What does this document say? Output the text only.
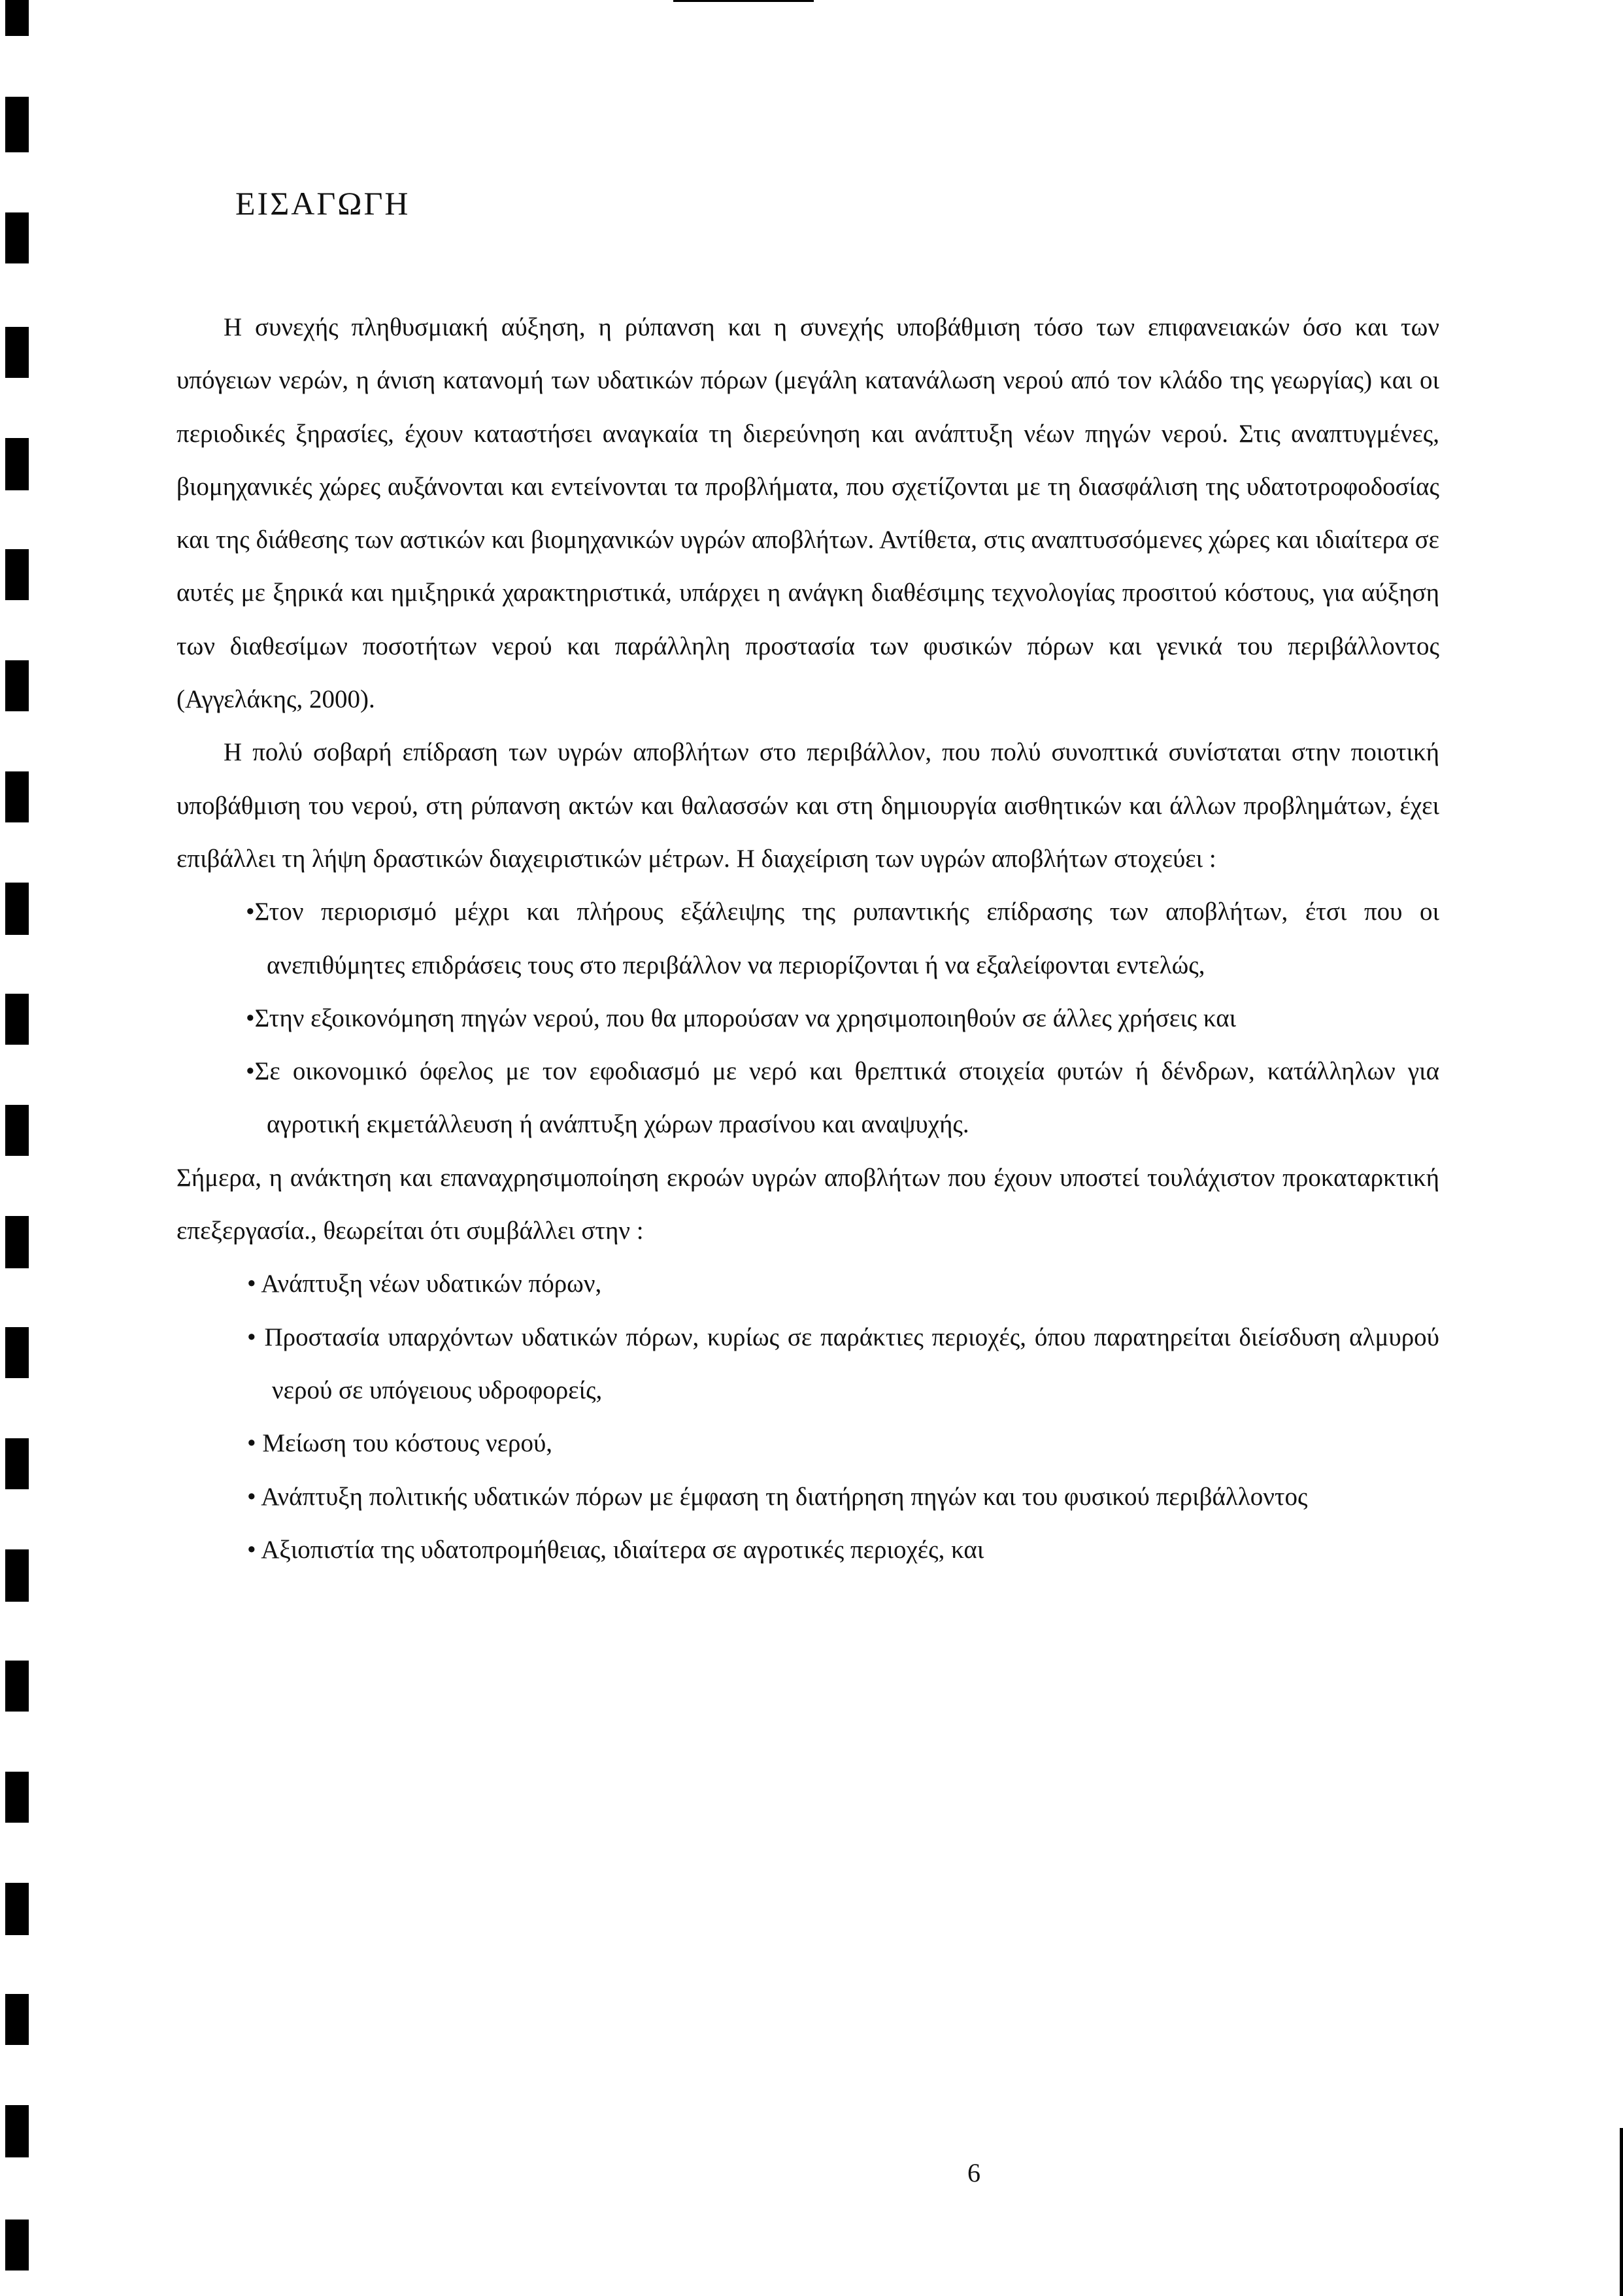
ΕΙΣΑΓΩΓΗ

Η συνεχής πληθυσμιακή αύξηση, η ρύπανση και η συνεχής υποβάθμιση τόσο των επιφανειακών όσο και των υπόγειων νερών, η άνιση κατανομή των υδατικών πόρων (μεγάλη κατανάλωση νερού από τον κλάδο της γεωργίας) και οι περιοδικές ξηρασίες, έχουν καταστήσει αναγκαία τη διερεύνηση και ανάπτυξη νέων πηγών νερού. Στις αναπτυγμένες, βιομηχανικές χώρες αυξάνονται και εντείνονται τα προβλήματα, που σχετίζονται με τη διασφάλιση της υδατοτροφοδοσίας και της διάθεσης των αστικών και βιομηχανικών υγρών αποβλήτων. Αντίθετα, στις αναπτυσσόμενες χώρες και ιδιαίτερα σε αυτές με ξηρικά και ημιξηρικά χαρακτηριστικά, υπάρχει η ανάγκη διαθέσιμης τεχνολογίας προσιτού κόστους, για αύξηση των διαθεσίμων ποσοτήτων νερού και παράλληλη προστασία των φυσικών πόρων και γενικά του περιβάλλοντος (Αγγελάκης, 2000).

Η πολύ σοβαρή επίδραση των υγρών αποβλήτων στο περιβάλλον, που πολύ συνοπτικά συνίσταται στην ποιοτική υποβάθμιση του νερού, στη ρύπανση ακτών και θαλασσών και στη δημιουργία αισθητικών και άλλων προβλημάτων, έχει επιβάλλει τη λήψη δραστικών διαχειριστικών μέτρων. Η διαχείριση των υγρών αποβλήτων στοχεύει :

•Στον περιορισμό μέχρι και πλήρους εξάλειψης της ρυπαντικής επίδρασης των αποβλήτων, έτσι που οι ανεπιθύμητες επιδράσεις τους στο περιβάλλον να περιορίζονται ή να εξαλείφονται εντελώς,
•Στην εξοικονόμηση πηγών νερού, που θα μπορούσαν να χρησιμοποιηθούν σε άλλες χρήσεις και
•Σε οικονομικό όφελος με τον εφοδιασμό με νερό και θρεπτικά στοιχεία φυτών ή δένδρων, κατάλληλων για αγροτική εκμετάλλευση ή ανάπτυξη χώρων πρασίνου και αναψυχής.

Σήμερα, η ανάκτηση και επαναχρησιμοποίηση εκροών υγρών αποβλήτων που έχουν υποστεί τουλάχιστον προκαταρκτική επεξεργασία., θεωρείται ότι συμβάλλει στην :

• Ανάπτυξη νέων υδατικών πόρων,
• Προστασία υπαρχόντων υδατικών πόρων, κυρίως σε παράκτιες περιοχές, όπου παρατηρείται διείσδυση αλμυρού νερού σε υπόγειους υδροφορείς,
• Μείωση του κόστους νερού,
• Ανάπτυξη πολιτικής υδατικών πόρων με έμφαση τη διατήρηση πηγών και του φυσικού περιβάλλοντος
• Αξιοπιστία της υδατοπρομήθειας, ιδιαίτερα σε αγροτικές περιοχές, και

6
